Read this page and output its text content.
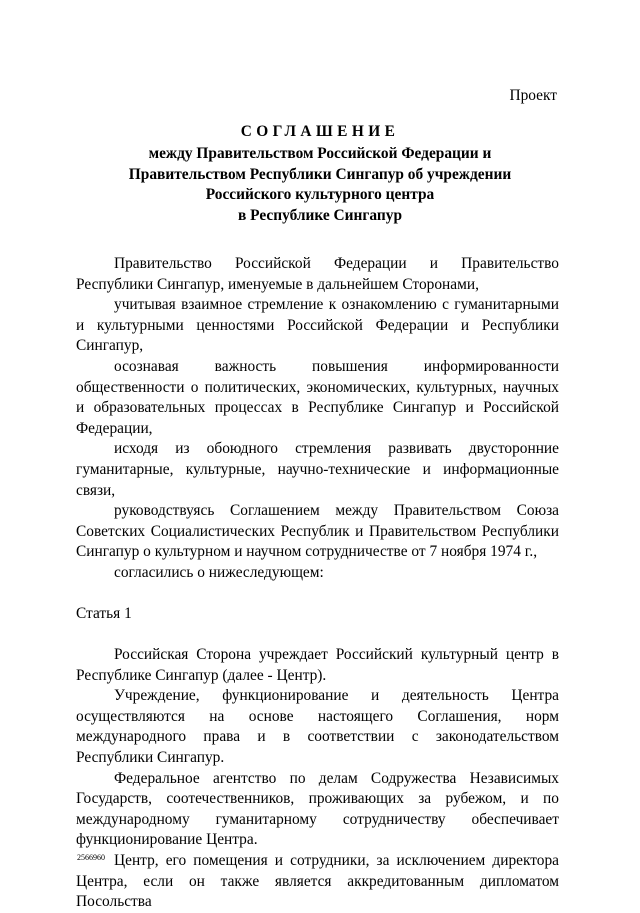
Проект
СОГЛАШЕНИЕ
между Правительством Российской Федерации и
Правительством Республики Сингапур об учреждении
Российского культурного центра
в Республике Сингапур

Правительство Российской Федерации и Правительство Республики Сингапур, именуемые в дальнейшем Сторонами,

учитывая взаимное стремление к ознакомлению с гуманитарными и культурными ценностями Российской Федерации и Республики Сингапур,

осознавая важность повышения информированности общественности о политических, экономических, культурных, научных и образовательных процессах в Республике Сингапур и Российской Федерации,

исходя из обоюдного стремления развивать двусторонние гуманитарные, культурные, научно-технические и информационные связи,

руководствуясь Соглашением между Правительством Союза Советских Социалистических Республик и Правительством Республики Сингапур о культурном и научном сотрудничестве от 7 ноября 1974 г.,

согласились о нижеследующем:

Статья 1

Российская Сторона учреждает Российский культурный центр в Республике Сингапур (далее - Центр).

Учреждение, функционирование и деятельность Центра осуществляются на основе настоящего Соглашения, норм международного права и в соответствии с законодательством Республики Сингапур.

Федеральное агентство по делам Содружества Независимых Государств, соотечественников, проживающих за рубежом, и по международному гуманитарному сотрудничеству обеспечивает функционирование Центра.

Центр, его помещения и сотрудники, за исключением директора Центра, если он также является аккредитованным дипломатом Посольства

2566960
